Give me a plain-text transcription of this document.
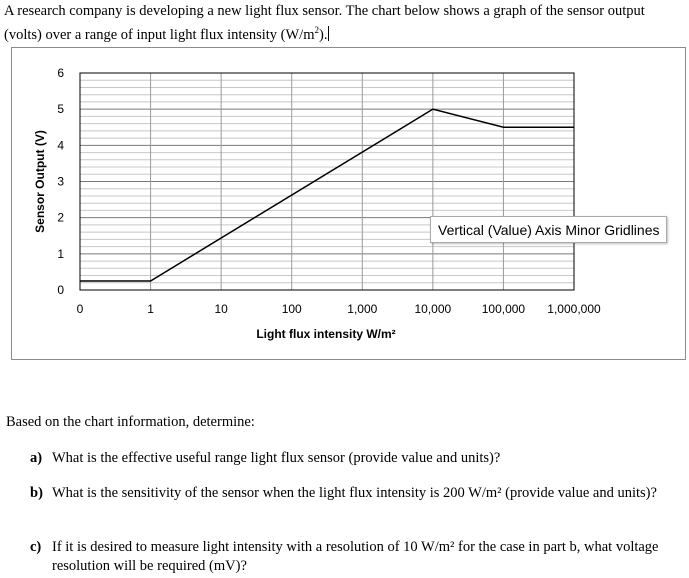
A research company is developing a new light flux sensor. The chart below shows a graph of the sensor output (volts) over a range of input light flux intensity $(W/m^2)$.
0
1
2
3
4
5
6
0	1	10	100	1,000	10,000	100,000 1,000,000
Sensor Output (V)
Light flux intensity W/m²
Vertical (Value) Axis Minor Gridlines
Based on the chart information, determine:
a) What is the effective useful range light flux sensor (provide value and units)?
b) What is the sensitivity of the sensor when the light flux intensity is 200 W/m² (provide value and units)?
c) If it is desired to measure light intensity with a resolution of 10 W/m² for the case in part b, what voltage resolution will be required (mV)?
